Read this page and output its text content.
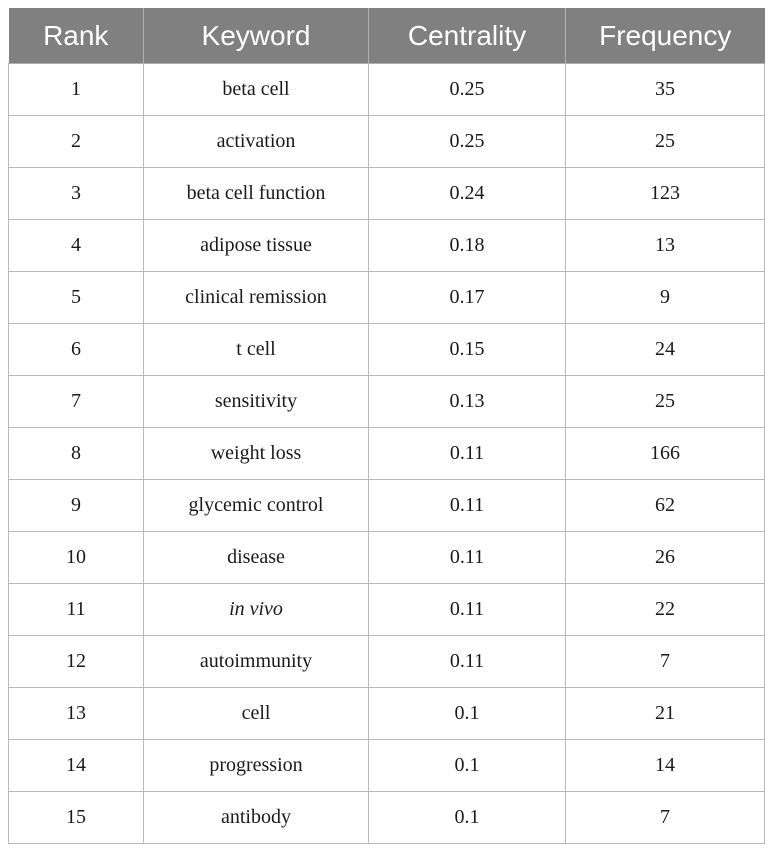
Rank	Keyword	Centrality	Frequency
1	beta cell	0.25	35
2	activation	0.25	25
3	beta cell function	0.24	123
4	adipose tissue	0.18	13
5	clinical remission	0.17	9
6	t cell	0.15	24
7	sensitivity	0.13	25
8	weight loss	0.11	166
9	glycemic control	0.11	62
10	disease	0.11	26
11	in vivo	0.11	22
12	autoimmunity	0.11	7
13	cell	0.1	21
14	progression	0.1	14
15	antibody	0.1	7
